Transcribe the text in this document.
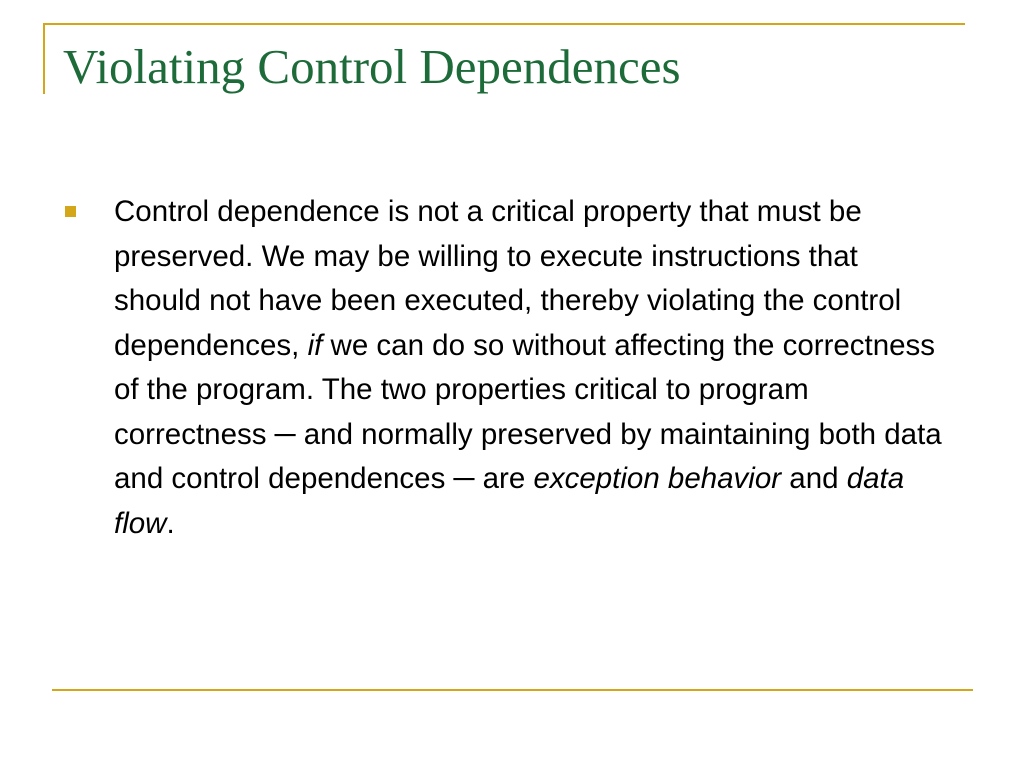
Violating Control Dependences

Control dependence is not a critical property that must be preserved. We may be willing to execute instructions that should not have been executed, thereby violating the control dependences, if we can do so without affecting the correctness of the program. The two properties critical to program correctness ─ and normally preserved by maintaining both data and control dependences ─ are exception behavior and data flow.
